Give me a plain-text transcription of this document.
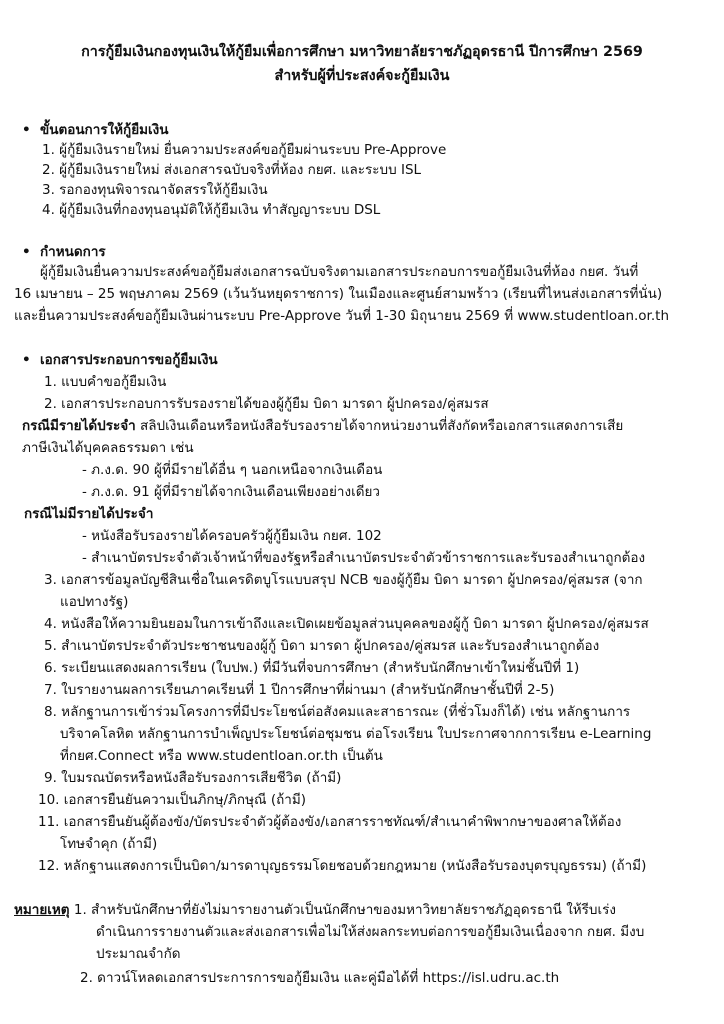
การกู้ยืมเงินกองทุนเงินให้กู้ยืมเพื่อการศึกษา มหาวิทยาลัยราชภัฏอุดรธานี ปีการศึกษา 2569
สำหรับผู้ที่ประสงค์จะกู้ยืมเงิน
• ขั้นตอนการให้กู้ยืมเงิน
1. ผู้กู้ยืมเงินรายใหม่ ยื่นความประสงค์ขอกู้ยืมผ่านระบบ Pre-Approve
2. ผู้กู้ยืมเงินรายใหม่ ส่งเอกสารฉบับจริงที่ห้อง กยศ. และระบบ ISL
3. รอกองทุนพิจารณาจัดสรรให้กู้ยืมเงิน
4. ผู้กู้ยืมเงินที่กองทุนอนุมัติให้กู้ยืมเงิน ทำสัญญาระบบ DSL
• กำหนดการ
ผู้กู้ยืมเงินยื่นความประสงค์ขอกู้ยืมส่งเอกสารฉบับจริงตามเอกสารประกอบการขอกู้ยืมเงินที่ห้อง กยศ. วันที่
16 เมษายน – 25 พฤษภาคม 2569 (เว้นวันหยุดราชการ) ในเมืองและศูนย์สามพร้าว (เรียนที่ไหนส่งเอกสารที่นั่น)
และยื่นความประสงค์ขอกู้ยืมเงินผ่านระบบ Pre-Approve วันที่ 1-30 มิถุนายน 2569 ที่ www.studentloan.or.th
• เอกสารประกอบการขอกู้ยืมเงิน
1. แบบคำขอกู้ยืมเงิน
2. เอกสารประกอบการรับรองรายได้ของผู้กู้ยืม บิดา มารดา ผู้ปกครอง/คู่สมรส
กรณีมีรายได้ประจำ สลิปเงินเดือนหรือหนังสือรับรองรายได้จากหน่วยงานที่สังกัดหรือเอกสารแสดงการเสีย
ภาษีเงินได้บุคคลธรรมดา เช่น
- ภ.ง.ด. 90 ผู้ที่มีรายได้อื่น ๆ นอกเหนือจากเงินเดือน
- ภ.ง.ด. 91 ผู้ที่มีรายได้จากเงินเดือนเพียงอย่างเดียว
กรณีไม่มีรายได้ประจำ
- หนังสือรับรองรายได้ครอบครัวผู้กู้ยืมเงิน กยศ. 102
- สำเนาบัตรประจำตัวเจ้าหน้าที่ของรัฐหรือสำเนาบัตรประจำตัวข้าราชการและรับรองสำเนาถูกต้อง
3. เอกสารข้อมูลบัญชีสินเชื่อในเครดิตบูโรแบบสรุป NCB ของผู้กู้ยืม บิดา มารดา ผู้ปกครอง/คู่สมรส (จาก
แอปทางรัฐ)
4. หนังสือให้ความยินยอมในการเข้าถึงและเปิดเผยข้อมูลส่วนบุคคลของผู้กู้ บิดา มารดา ผู้ปกครอง/คู่สมรส
5. สำเนาบัตรประจำตัวประชาชนของผู้กู้ บิดา มารดา ผู้ปกครอง/คู่สมรส และรับรองสำเนาถูกต้อง
6. ระเบียนแสดงผลการเรียน (ใบปพ.) ที่มีวันที่จบการศึกษา (สำหรับนักศึกษาเข้าใหม่ชั้นปีที่ 1)
7. ใบรายงานผลการเรียนภาคเรียนที่ 1 ปีการศึกษาที่ผ่านมา (สำหรับนักศึกษาชั้นปีที่ 2-5)
8. หลักฐานการเข้าร่วมโครงการที่มีประโยชน์ต่อสังคมและสาธารณะ (ที่ชั่วโมงก็ได้) เช่น หลักฐานการ
บริจาคโลหิต หลักฐานการบำเพ็ญประโยชน์ต่อชุมชน ต่อโรงเรียน ใบประกาศจากการเรียน e-Learning
ที่กยศ.Connect หรือ www.studentloan.or.th เป็นต้น
9. ใบมรณบัตรหรือหนังสือรับรองการเสียชีวิต (ถ้ามี)
10. เอกสารยืนยันความเป็นภิกษุ/ภิกษุณี (ถ้ามี)
11. เอกสารยืนยันผู้ต้องขัง/บัตรประจำตัวผู้ต้องขัง/เอกสารราชทัณฑ์/สำเนาคำพิพากษาของศาลให้ต้อง
โทษจำคุก (ถ้ามี)
12. หลักฐานแสดงการเป็นบิดา/มารดาบุญธรรมโดยชอบด้วยกฎหมาย (หนังสือรับรองบุตรบุญธรรม) (ถ้ามี)
หมายเหตุ 1. สำหรับนักศึกษาที่ยังไม่มารายงานตัวเป็นนักศึกษาของมหาวิทยาลัยราชภัฏอุดรธานี ให้รีบเร่ง
ดำเนินการรายงานตัวและส่งเอกสารเพื่อไม่ให้ส่งผลกระทบต่อการขอกู้ยืมเงินเนื่องจาก กยศ. มีงบ
ประมาณจำกัด
2. ดาวน์โหลดเอกสารประการการขอกู้ยืมเงิน และคู่มือได้ที่ https://isl.udru.ac.th
